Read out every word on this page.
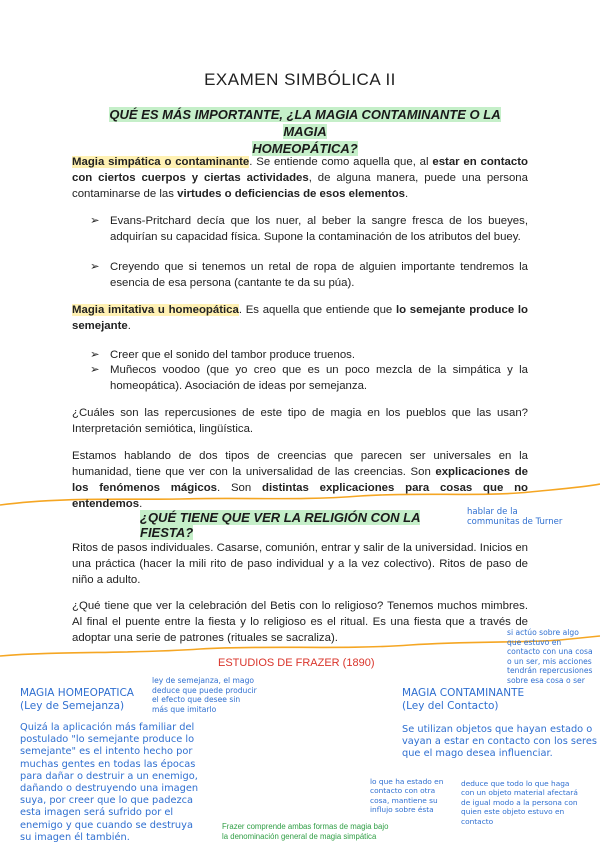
EXAMEN SIMBÓLICA II
QUÉ ES MÁS IMPORTANTE, ¿LA MAGIA CONTAMINANTE O LA MAGIA
HOMEOPÁTICA?
Magia simpática o contaminante. Se entiende como aquella que, al estar en contacto con ciertos cuerpos y ciertas actividades, de alguna manera, puede una persona contaminarse de las virtudes o deficiencias de esos elementos.
➢ Evans-Pritchard decía que los nuer, al beber la sangre fresca de los bueyes, adquirían su capacidad física. Supone la contaminación de los atributos del buey.
➢ Creyendo que si tenemos un retal de ropa de alguien importante tendremos la esencia de esa persona (cantante te da su púa).
Magia imitativa u homeopática. Es aquella que entiende que lo semejante produce lo semejante.
➢ Creer que el sonido del tambor produce truenos.
➢ Muñecos voodoo (que yo creo que es un poco mezcla de la simpática y la homeopática). Asociación de ideas por semejanza.
¿Cuáles son las repercusiones de este tipo de magia en los pueblos que las usan? Interpretación semiótica, lingüística.
Estamos hablando de dos tipos de creencias que parecen ser universales en la humanidad, tiene que ver con la universalidad de las creencias. Son explicaciones de los fenómenos mágicos. Son distintas explicaciones para cosas que no entendemos.
¿QUÉ TIENE QUE VER LA RELIGIÓN CON LA FIESTA?
hablar de la
communitas de Turner
Ritos de pasos individuales. Casarse, comunión, entrar y salir de la universidad. Inicios en una práctica (hacer la mili rito de paso individual y a la vez colectivo). Ritos de paso de niño a adulto.
¿Qué tiene que ver la celebración del Betis con lo religioso? Tenemos muchos mimbres. Al final el puente entre la fiesta y lo religioso es el ritual. Es una fiesta que a través de adoptar una serie de patrones (rituales se sacraliza).
ESTUDIOS DE FRAZER (1890)
si actúo sobre algo
que estuvo en
contacto con una cosa
o un ser, mis acciones
tendrán repercusiones
sobre esa cosa o ser
ley de semejanza, el mago
deduce que puede producir
el efecto que desee sin
más que imitarlo
MAGIA HOMEOPATICA
(Ley de Semejanza)
MAGIA CONTAMINANTE
(Ley del Contacto)
Quizá la aplicación más familiar del
postulado "lo semejante produce lo
semejante" es el intento hecho por
muchas gentes en todas las épocas
para dañar o destruir a un enemigo,
dañando o destruyendo una imagen
suya, por creer que lo que padezca
esta imagen será sufrido por el
enemigo y que cuando se destruya
su imagen él también.
Se utilizan objetos que hayan estado o
vayan a estar en contacto con los seres
que el mago desea influenciar.
lo que ha estado en
contacto con otra
cosa, mantiene su
influjo sobre ésta
deduce que todo lo que haga
con un objeto material afectará
de igual modo a la persona con
quien este objeto estuvo en
contacto
Frazer comprende ambas formas de magia bajo
la denominación general de magia simpática
